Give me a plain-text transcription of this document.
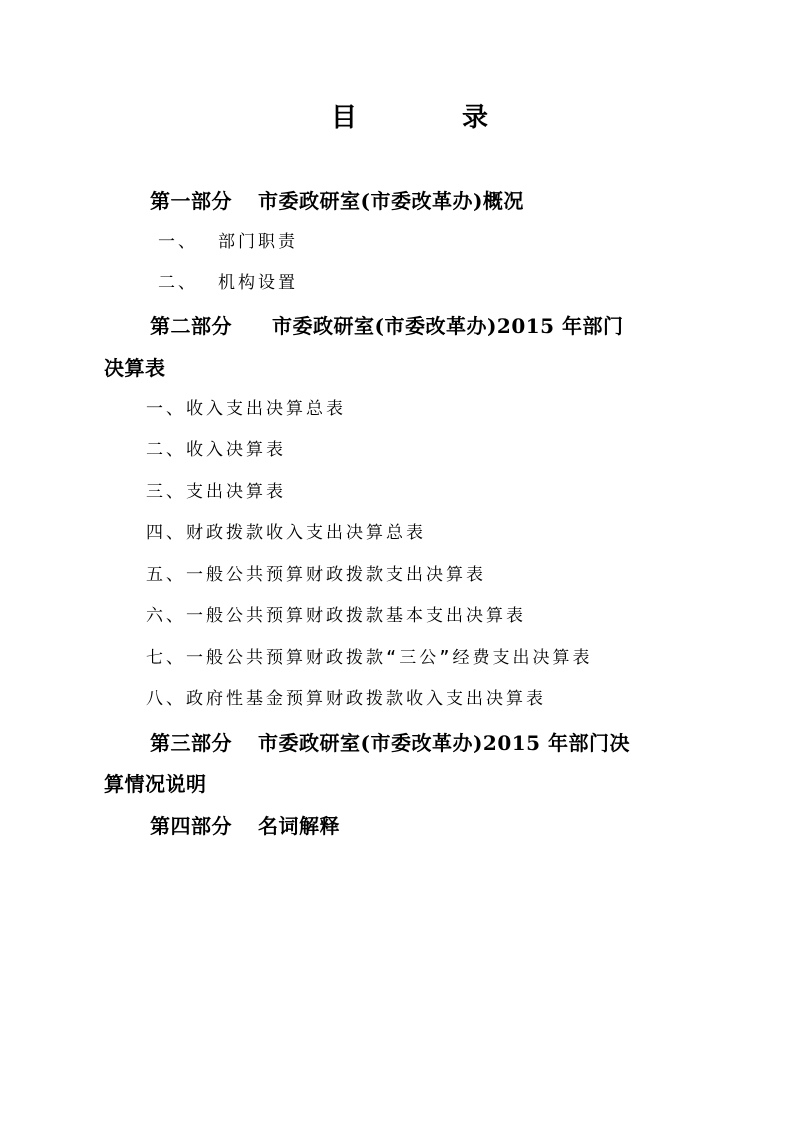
目	录
第一部分 市委政研室(市委改革办)概况
一、 部门职责
二、 机构设置
第二部分 市委政研室(市委改革办)2015 年部门
决算表
一、收入支出决算总表
二、收入决算表
三、支出决算表
四、财政拨款收入支出决算总表
五、一般公共预算财政拨款支出决算表
六、一般公共预算财政拨款基本支出决算表
七、一般公共预算财政拨款“三公”经费支出决算表
八、政府性基金预算财政拨款收入支出决算表
第三部分 市委政研室(市委改革办)2015 年部门决
算情况说明
第四部分 名词解释
